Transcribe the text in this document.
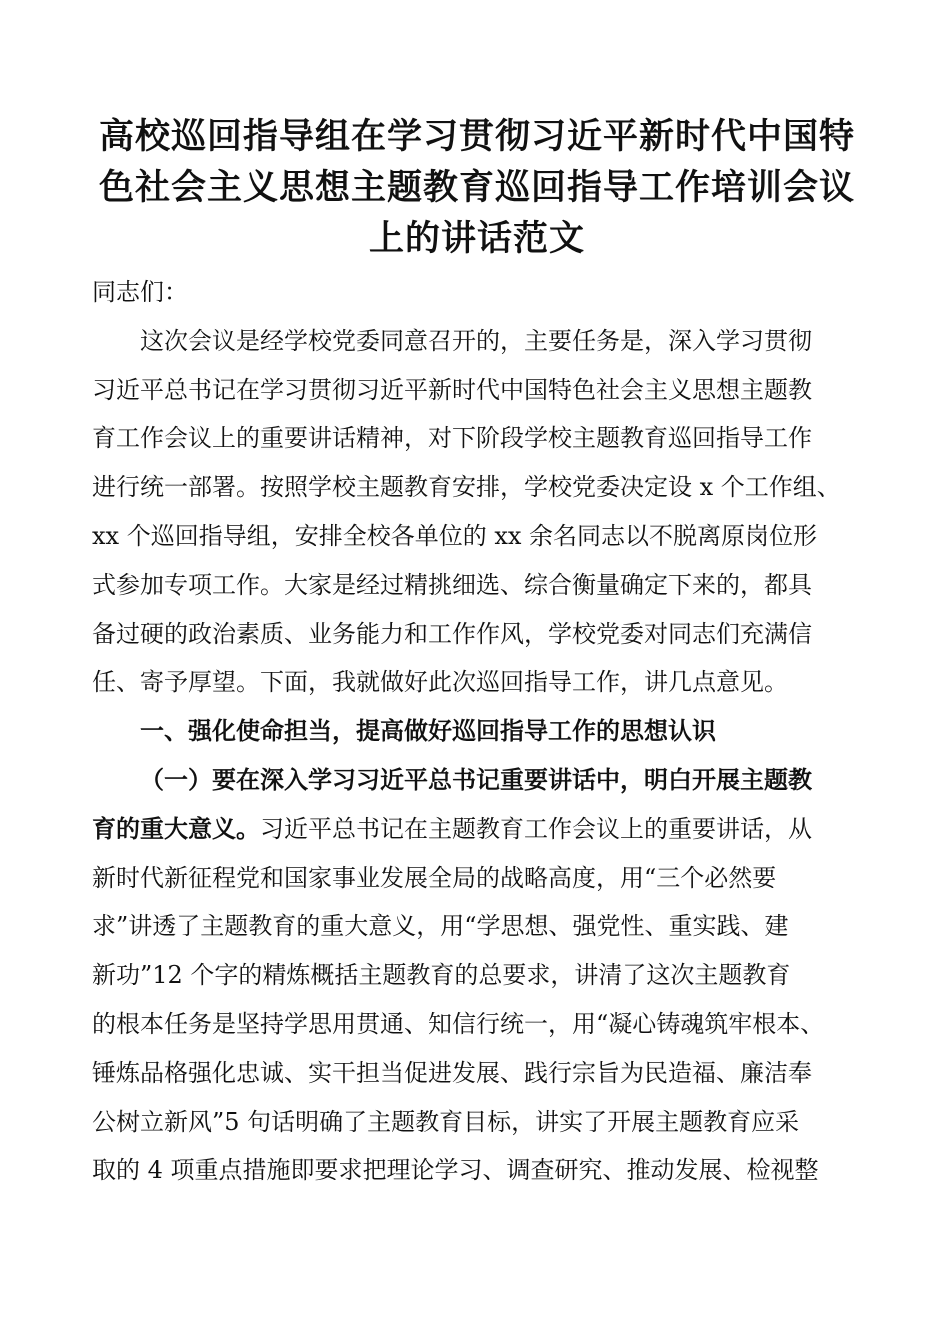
高校巡回指导组在学习贯彻习近平新时代中国特
色社会主义思想主题教育巡回指导工作培训会议
上的讲话范文
同志们：
这次会议是经学校党委同意召开的，主要任务是，深入学习贯彻
习近平总书记在学习贯彻习近平新时代中国特色社会主义思想主题教
育工作会议上的重要讲话精神，对下阶段学校主题教育巡回指导工作
进行统一部署。按照学校主题教育安排，学校党委决定设 x 个工作组、
xx 个巡回指导组，安排全校各单位的 xx 余名同志以不脱离原岗位形
式参加专项工作。大家是经过精挑细选、综合衡量确定下来的，都具
备过硬的政治素质、业务能力和工作作风，学校党委对同志们充满信
任、寄予厚望。下面，我就做好此次巡回指导工作，讲几点意见。
一、强化使命担当，提高做好巡回指导工作的思想认识
（一）要在深入学习习近平总书记重要讲话中，明白开展主题教
育的重大意义。习近平总书记在主题教育工作会议上的重要讲话，从
新时代新征程党和国家事业发展全局的战略高度，用“三个必然要
求”讲透了主题教育的重大意义，用“学思想、强党性、重实践、建
新功”12 个字的精炼概括主题教育的总要求，讲清了这次主题教育
的根本任务是坚持学思用贯通、知信行统一，用“凝心铸魂筑牢根本、
锤炼品格强化忠诚、实干担当促进发展、践行宗旨为民造福、廉洁奉
公树立新风”5 句话明确了主题教育目标，讲实了开展主题教育应采
取的 4 项重点措施即要求把理论学习、调查研究、推动发展、检视整
